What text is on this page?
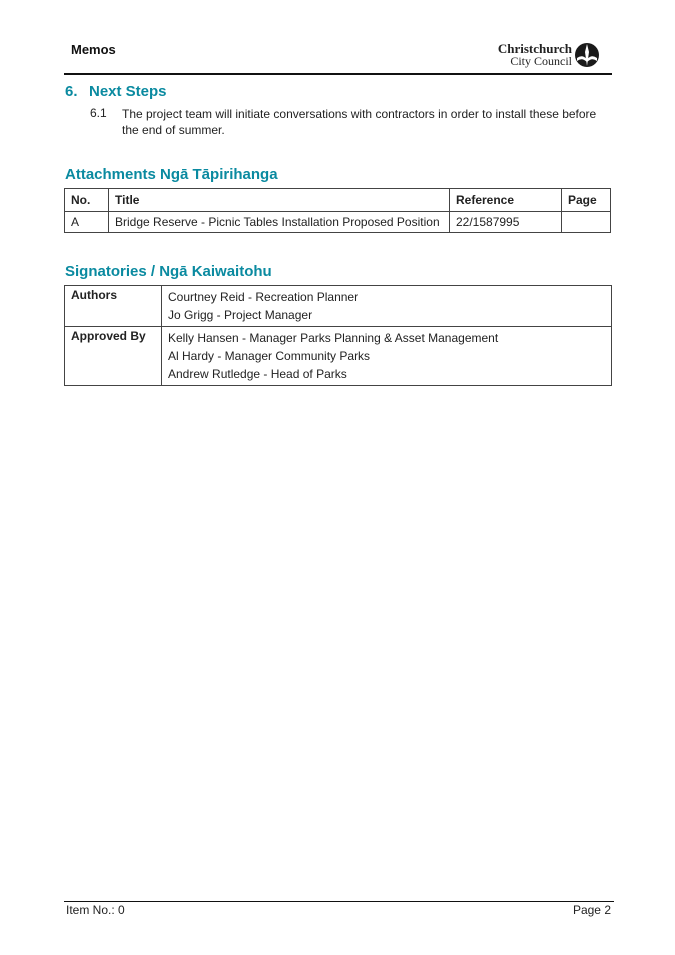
Memos	Christchurch
City Council
6. Next Steps
6.1 The project team will initiate conversations with contractors in order to install these before the end of summer.
Attachments Ngā Tāpirihanga
No.	Title	Reference	Page
A	Bridge Reserve - Picnic Tables Installation Proposed Position	22/1587995	
Signatories / Ngā Kaiwaitohu
Authors	Courtney Reid - Recreation Planner
Jo Grigg - Project Manager

Approved By	Kelly Hansen - Manager Parks Planning & Asset Management
Al Hardy - Manager Community Parks
Andrew Rutledge - Head of Parks
Item No.: 0	Page 2
